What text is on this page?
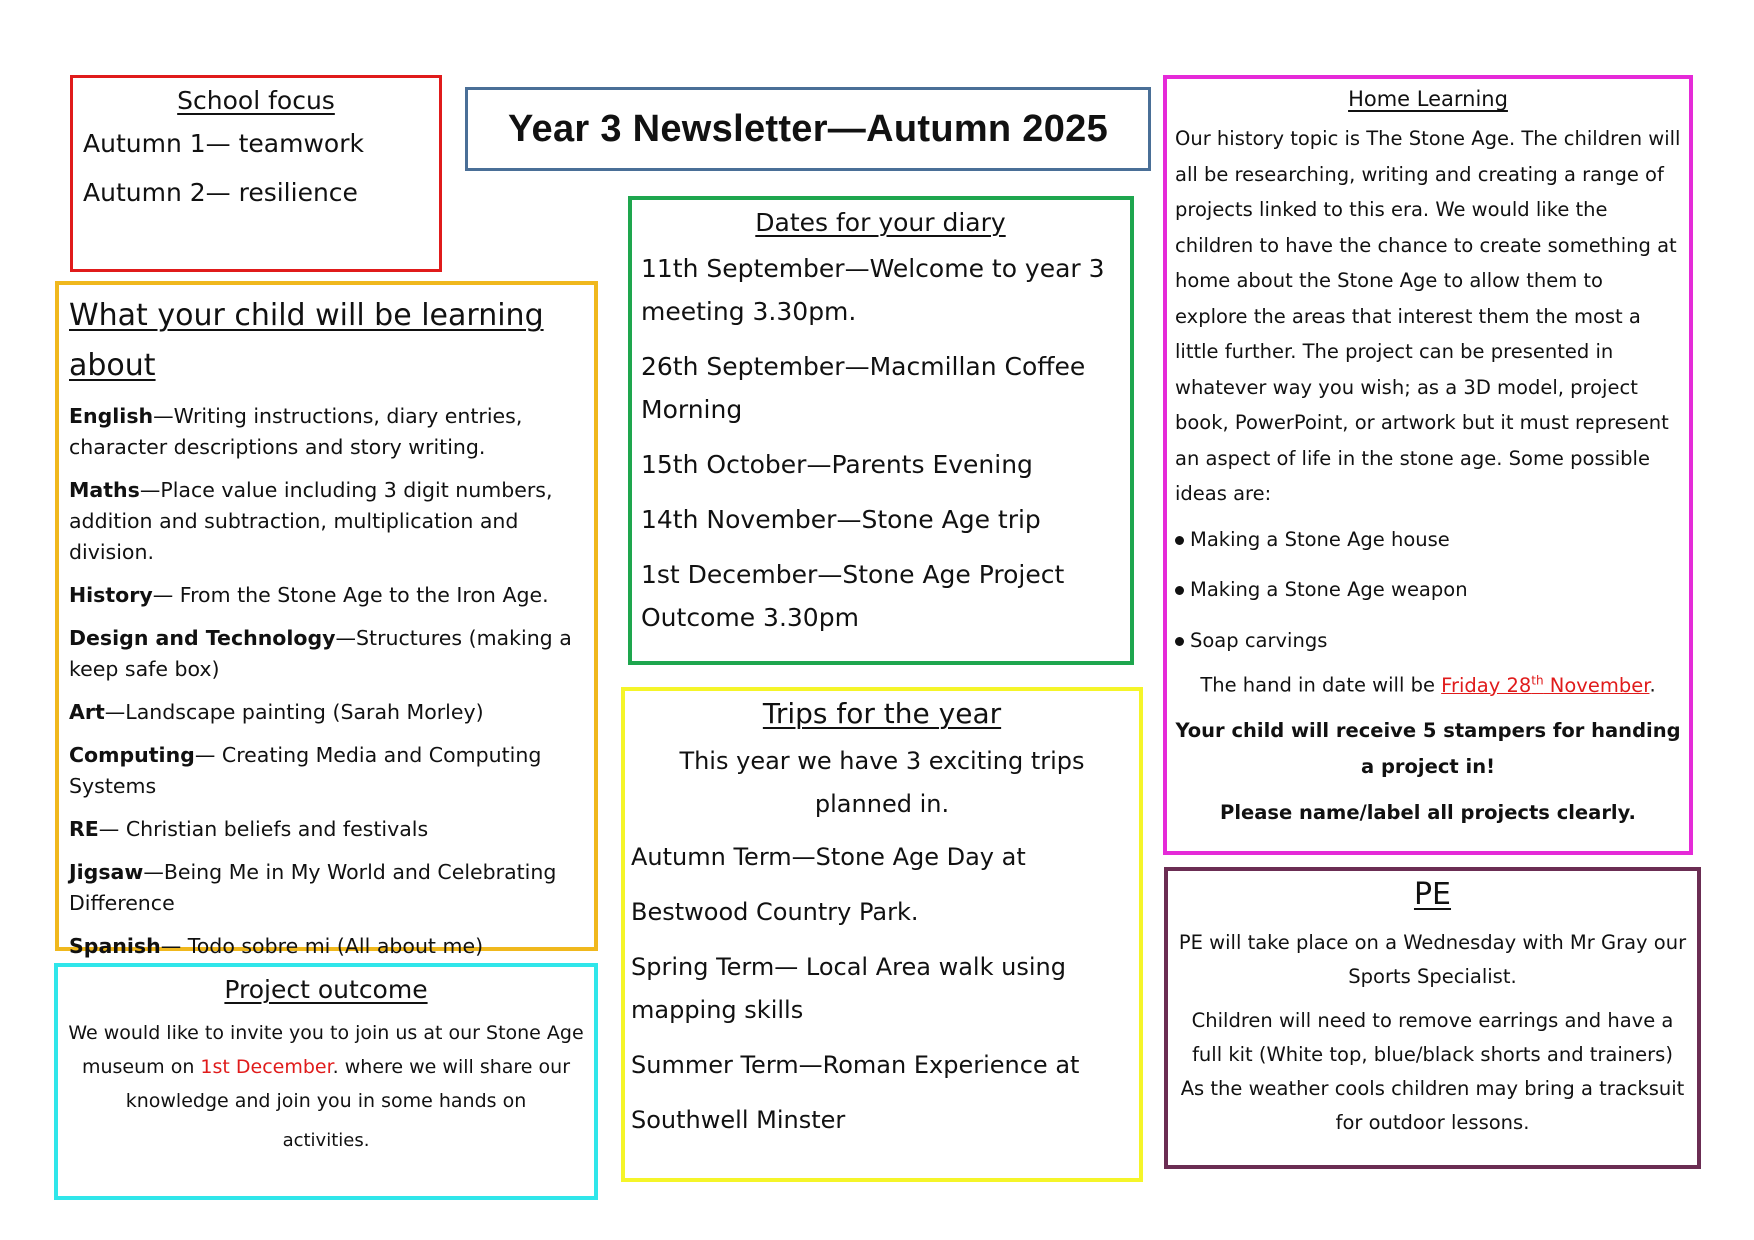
School focus

Autumn 1— teamwork

Autumn 2— resilience

Year 3 Newsletter—Autumn 2025

Dates for your diary

11th September—Welcome to year 3 meeting 3.30pm.

26th September—Macmillan Coffee Morning

15th October—Parents Evening

14th November—Stone Age trip

1st December—Stone Age Project Outcome 3.30pm

What your child will be learning about

English—Writing instructions, diary entries, character descriptions and story writing.

Maths—Place value including 3 digit numbers, addition and subtraction, multiplication and division.

History— From the Stone Age to the Iron Age.

Design and Technology—Structures (making a keep safe box)

Art—Landscape painting (Sarah Morley)

Computing— Creating Media and Computing Systems

RE— Christian beliefs and festivals

Jigsaw—Being Me in My World and Celebrating Difference

Spanish— Todo sobre mi (All about me)

Trips for the year

This year we have 3 exciting trips planned in.

Autumn Term—Stone Age Day at

Bestwood Country Park.

Spring Term— Local Area walk using mapping skills

Summer Term—Roman Experience at

Southwell Minster

Project outcome

We would like to invite you to join us at our Stone Age museum on 1st December. where we will share our knowledge and join you in some hands on

activities.

Home Learning

Our history topic is The Stone Age. The children will all be researching, writing and creating a range of projects linked to this era. We would like the children to have the chance to create something at home about the Stone Age to allow them to explore the areas that interest them the most a little further. The project can be presented in whatever way you wish; as a 3D model, project book, PowerPoint, or artwork but it must represent an aspect of life in the stone age. Some possible ideas are:

Making a Stone Age house
Making a Stone Age weapon
Soap carvings

The hand in date will be Friday 28th November.

Your child will receive 5 stampers for handing a project in!

Please name/label all projects clearly.

PE

PE will take place on a Wednesday with Mr Gray our Sports Specialist.

Children will need to remove earrings and have a full kit (White top, blue/black shorts and trainers) As the weather cools children may bring a tracksuit for outdoor lessons.
